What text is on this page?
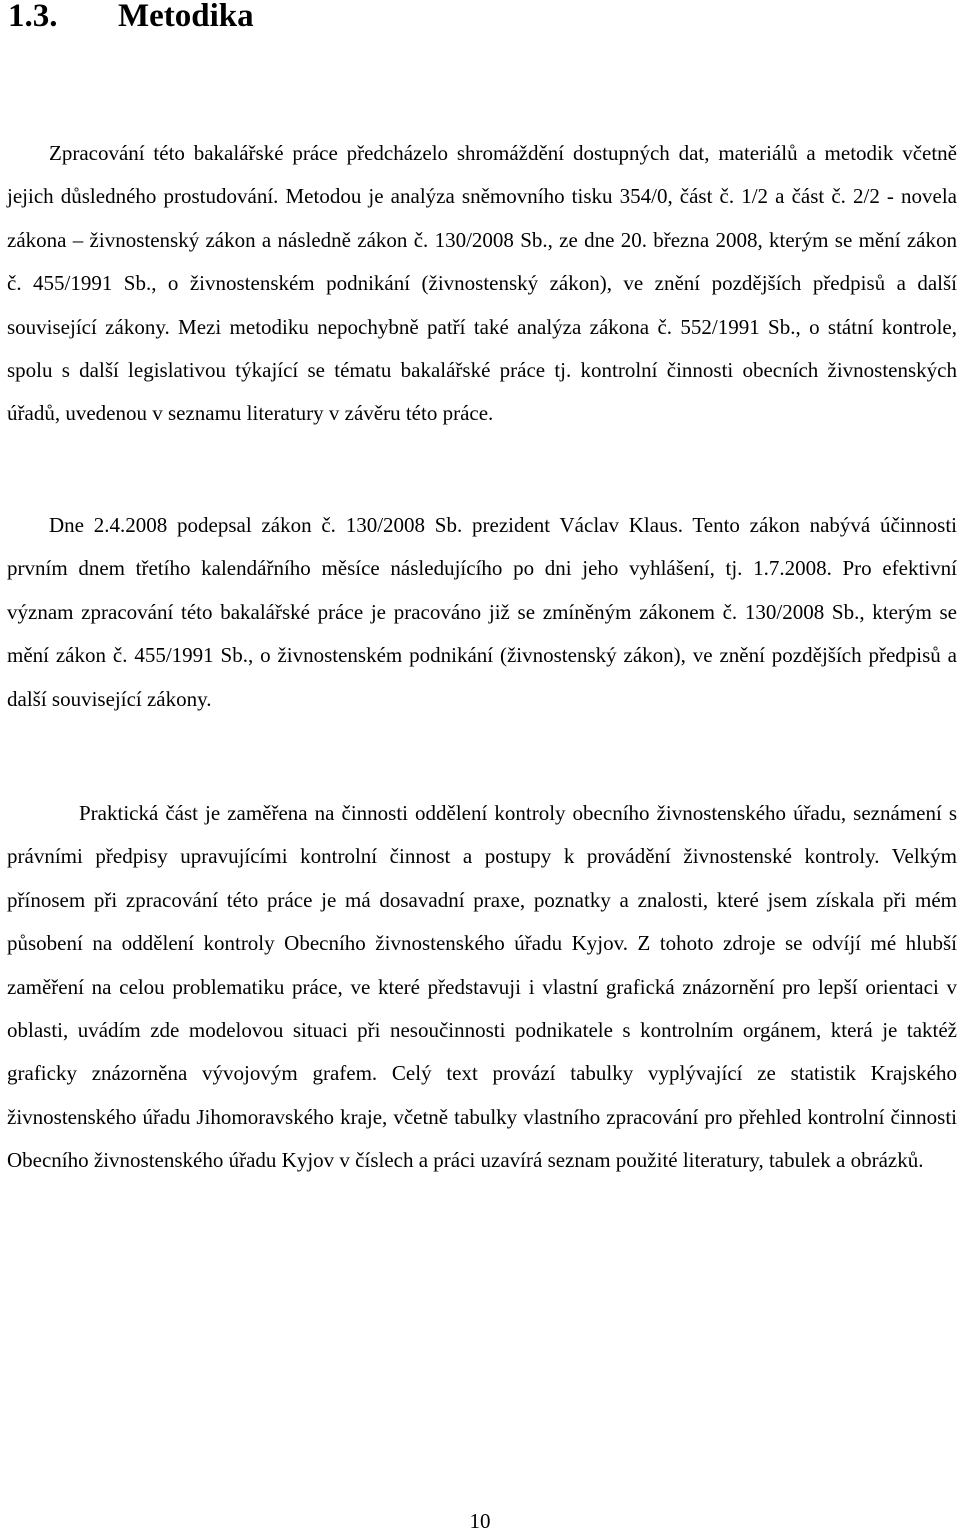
1.3. Metodika

Zpracování této bakalářské práce předcházelo shromáždění dostupných dat, materiálů a metodik včetně jejich důsledného prostudování. Metodou je analýza sněmovního tisku 354/0, část č. 1/2 a část č. 2/2 - novela zákona – živnostenský zákon a následně zákon č. 130/2008 Sb., ze dne 20. března 2008, kterým se mění zákon č. 455/1991 Sb., o živnostenském podnikání (živnostenský zákon), ve znění pozdějších předpisů a další související zákony. Mezi metodiku nepochybně patří také analýza zákona č. 552/1991 Sb., o státní kontrole, spolu s další legislativou týkající se tématu bakalářské práce tj. kontrolní činnosti obecních živnostenských úřadů, uvedenou v seznamu literatury v závěru této práce.

Dne 2.4.2008 podepsal zákon č. 130/2008 Sb. prezident Václav Klaus. Tento zákon nabývá účinnosti prvním dnem třetího kalendářního měsíce následujícího po dni jeho vyhlášení, tj. 1.7.2008. Pro efektivní význam zpracování této bakalářské práce je pracováno již se zmíněným zákonem č. 130/2008 Sb., kterým se mění zákon č. 455/1991 Sb., o živnostenském podnikání (živnostenský zákon), ve znění pozdějších předpisů a další související zákony.

Praktická část je zaměřena na činnosti oddělení kontroly obecního živnostenského úřadu, seznámení s právními předpisy upravujícími kontrolní činnost a postupy k provádění živnostenské kontroly. Velkým přínosem při zpracování této práce je má dosavadní praxe, poznatky a znalosti, které jsem získala při mém působení na oddělení kontroly Obecního živnostenského úřadu Kyjov. Z tohoto zdroje se odvíjí mé hlubší zaměření na celou problematiku práce, ve které představuji i vlastní grafická znázornění pro lepší orientaci v oblasti, uvádím zde modelovou situaci při nesoučinnosti podnikatele s kontrolním orgánem, která je taktéž graficky znázorněna vývojovým grafem. Celý text provází tabulky vyplývající ze statistik Krajského živnostenského úřadu Jihomoravského kraje, včetně tabulky vlastního zpracování pro přehled kontrolní činnosti Obecního živnostenského úřadu Kyjov v číslech a práci uzavírá seznam použité literatury, tabulek a obrázků.

10
